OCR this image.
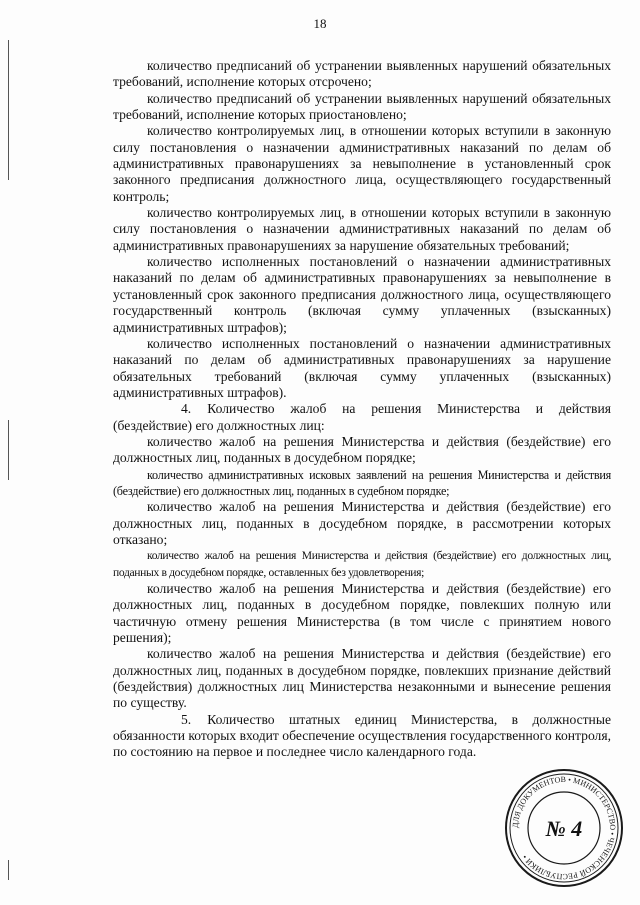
18

количество предписаний об устранении выявленных нарушений обязательных требований, исполнение которых отсрочено;

количество предписаний об устранении выявленных нарушений обязательных требований, исполнение которых приостановлено;

количество контролируемых лиц, в отношении которых вступили в законную силу постановления о назначении административных наказаний по делам об административных правонарушениях за невыполнение в установленный срок законного предписания должностного лица, осуществляющего государственный контроль;

количество контролируемых лиц, в отношении которых вступили в законную силу постановления о назначении административных наказаний по делам об административных правонарушениях за нарушение обязательных требований;

количество исполненных постановлений о назначении административных наказаний по делам об административных правонарушениях за невыполнение в установленный срок законного предписания должностного лица, осуществляющего государственный контроль (включая сумму уплаченных (взысканных) административных штрафов);

количество исполненных постановлений о назначении административных наказаний по делам об административных правонарушениях за нарушение обязательных требований (включая сумму уплаченных (взысканных) административных штрафов).

4. Количество жалоб на решения Министерства и действия (бездействие) его должностных лиц:

количество жалоб на решения Министерства и действия (бездействие) его должностных лиц, поданных в досудебном порядке;

количество административных исковых заявлений на решения Министерства и действия (бездействие) его должностных лиц, поданных в судебном порядке;

количество жалоб на решения Министерства и действия (бездействие) его должностных лиц, поданных в досудебном порядке, в рассмотрении которых отказано;

количество жалоб на решения Министерства и действия (бездействие) его должностных лиц, поданных в досудебном порядке, оставленных без удовлетворения;

количество жалоб на решения Министерства и действия (бездействие) его должностных лиц, поданных в досудебном порядке, повлекших полную или частичную отмену решения Министерства (в том числе с принятием нового решения);

количество жалоб на решения Министерства и действия (бездействие) его должностных лиц, поданных в досудебном порядке, повлекших признание действий (бездействия) должностных лиц Министерства незаконными и вынесение решения по существу.

5. Количество штатных единиц Министерства, в должностные обязанности которых входит обеспечение осуществления государственного контроля, по состоянию на первое и последнее число календарного года.

ДЛЯ ДОКУМЕНТОВ • МИНИСТЕРСТВО • ЧЕЧЕНСКОЙ РЕСПУБЛИКИ •
№ 4
